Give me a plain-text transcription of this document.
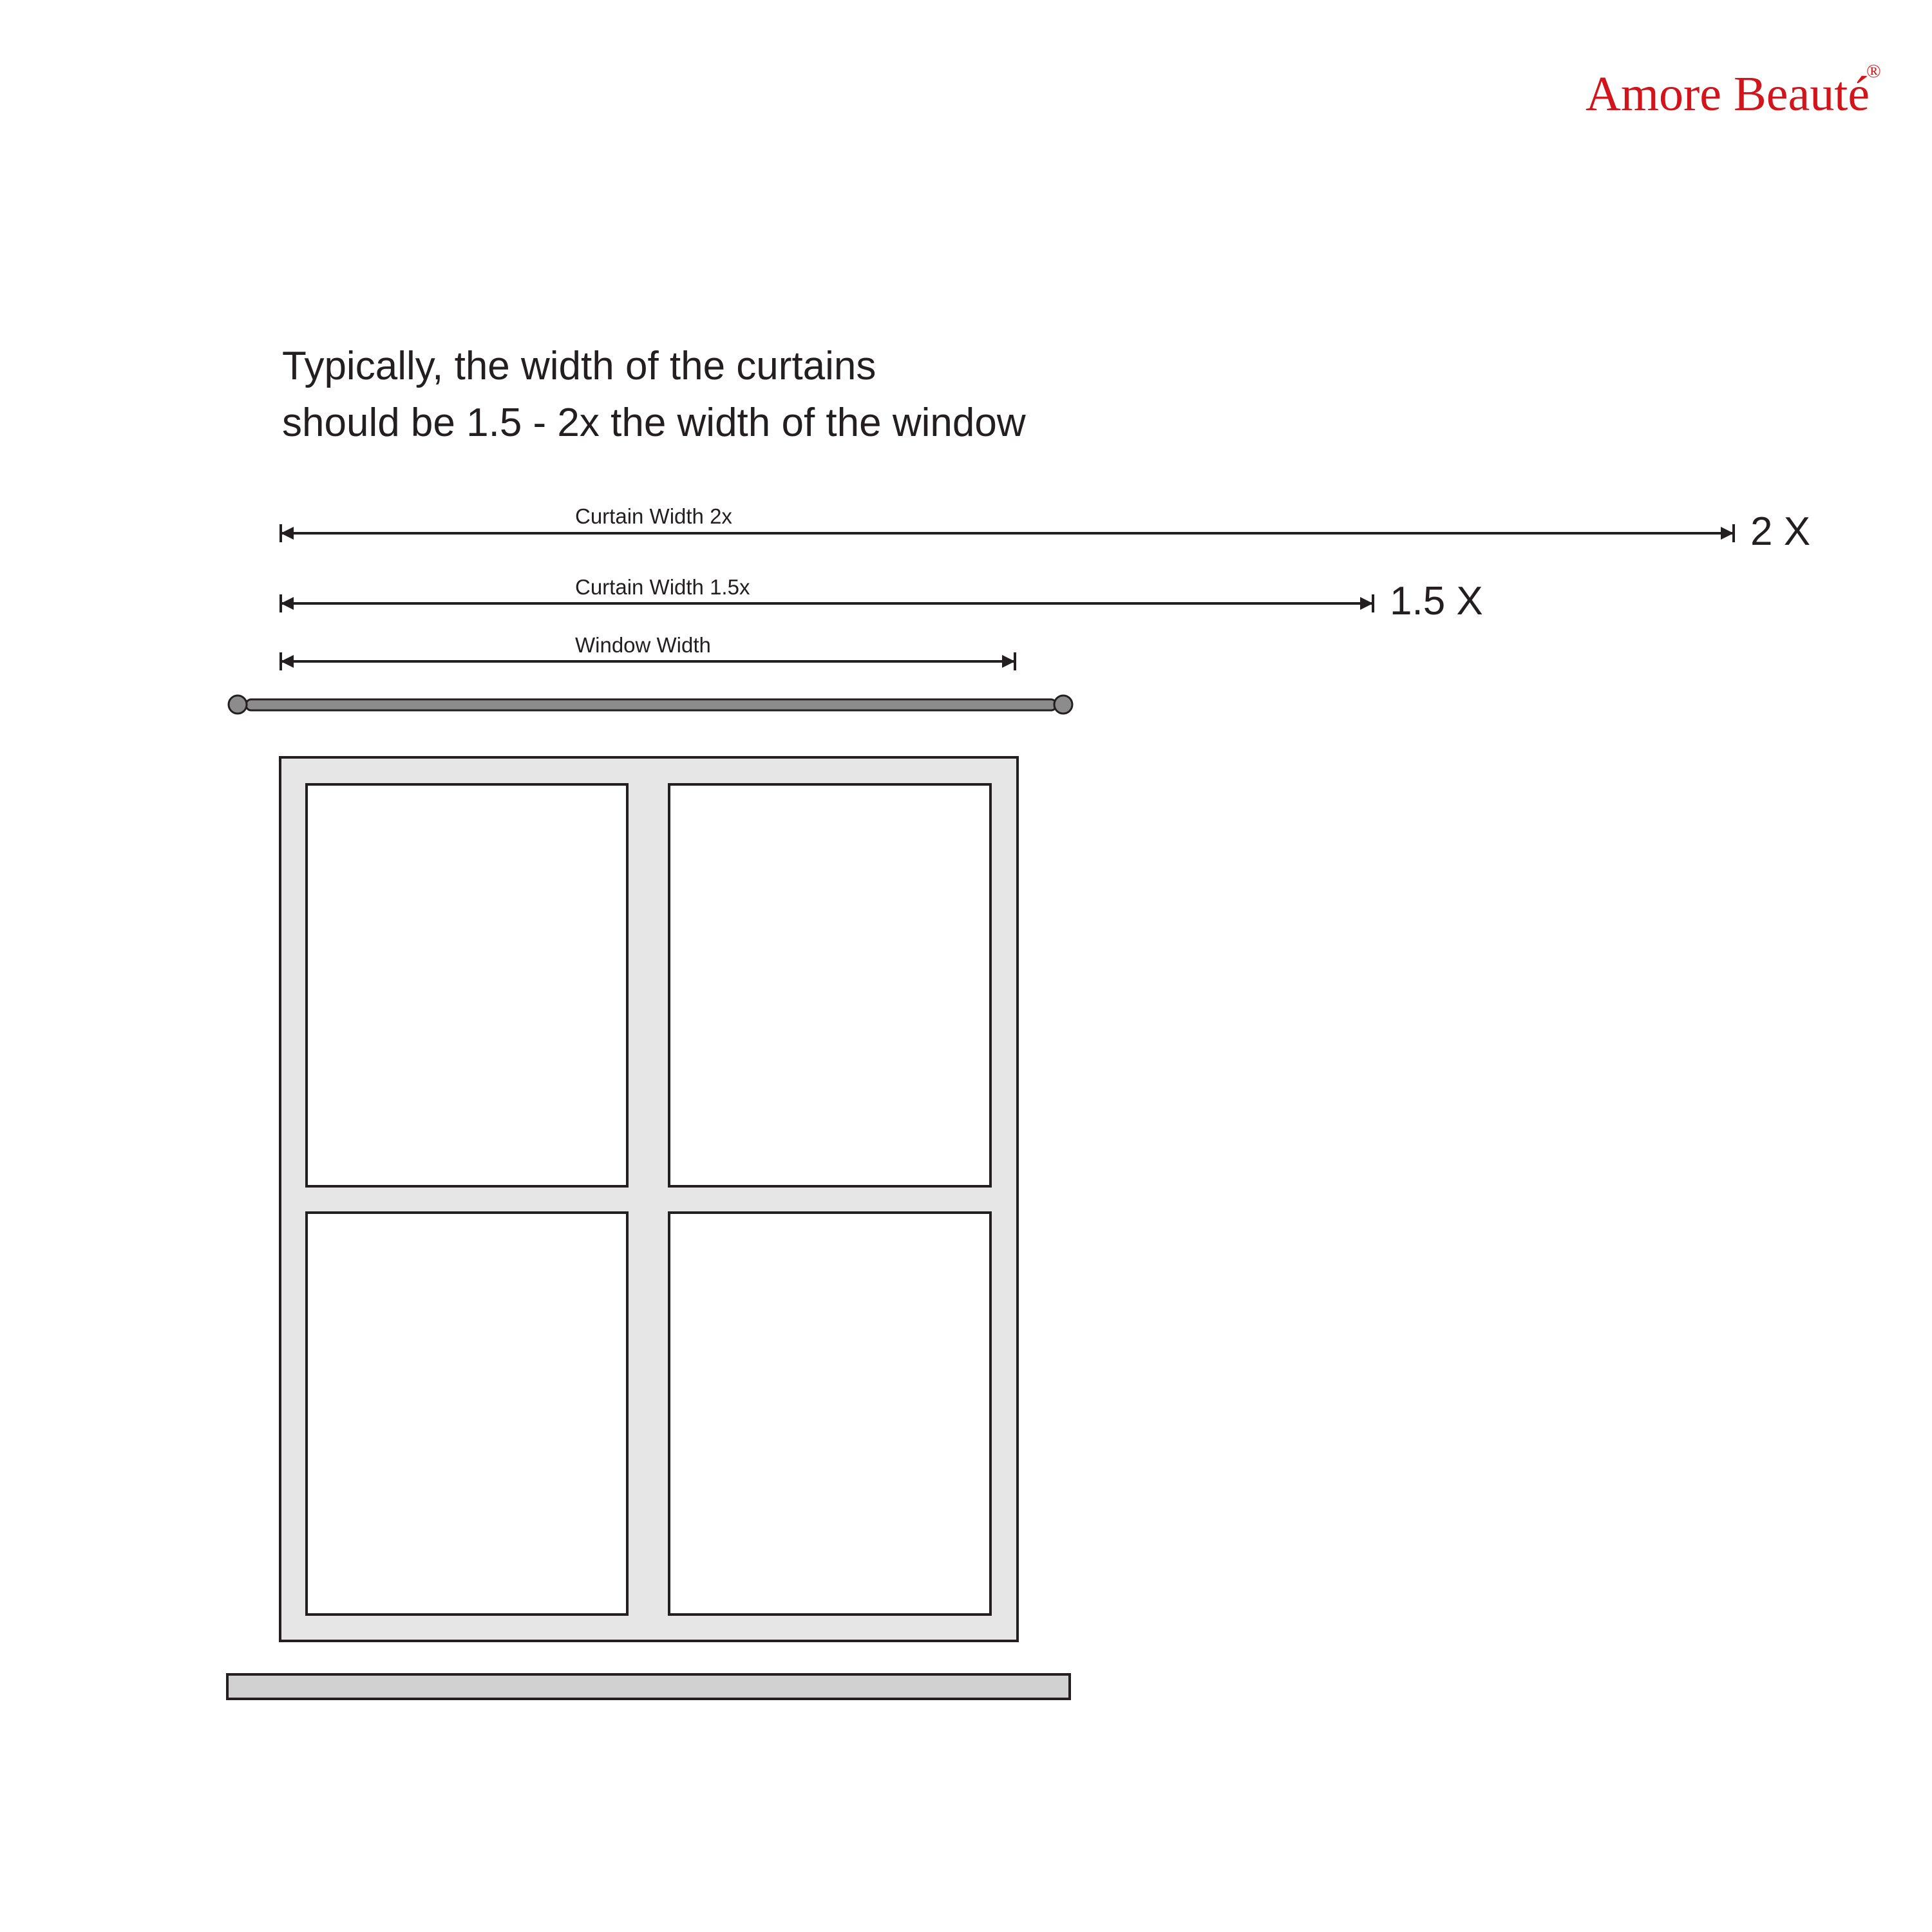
Amore Beauté
®
Typically, the width of the curtains
should be 1.5 - 2x the width of the window
Curtain Width 2x
Curtain Width 1.5x
Window Width
2 X
1.5 X
